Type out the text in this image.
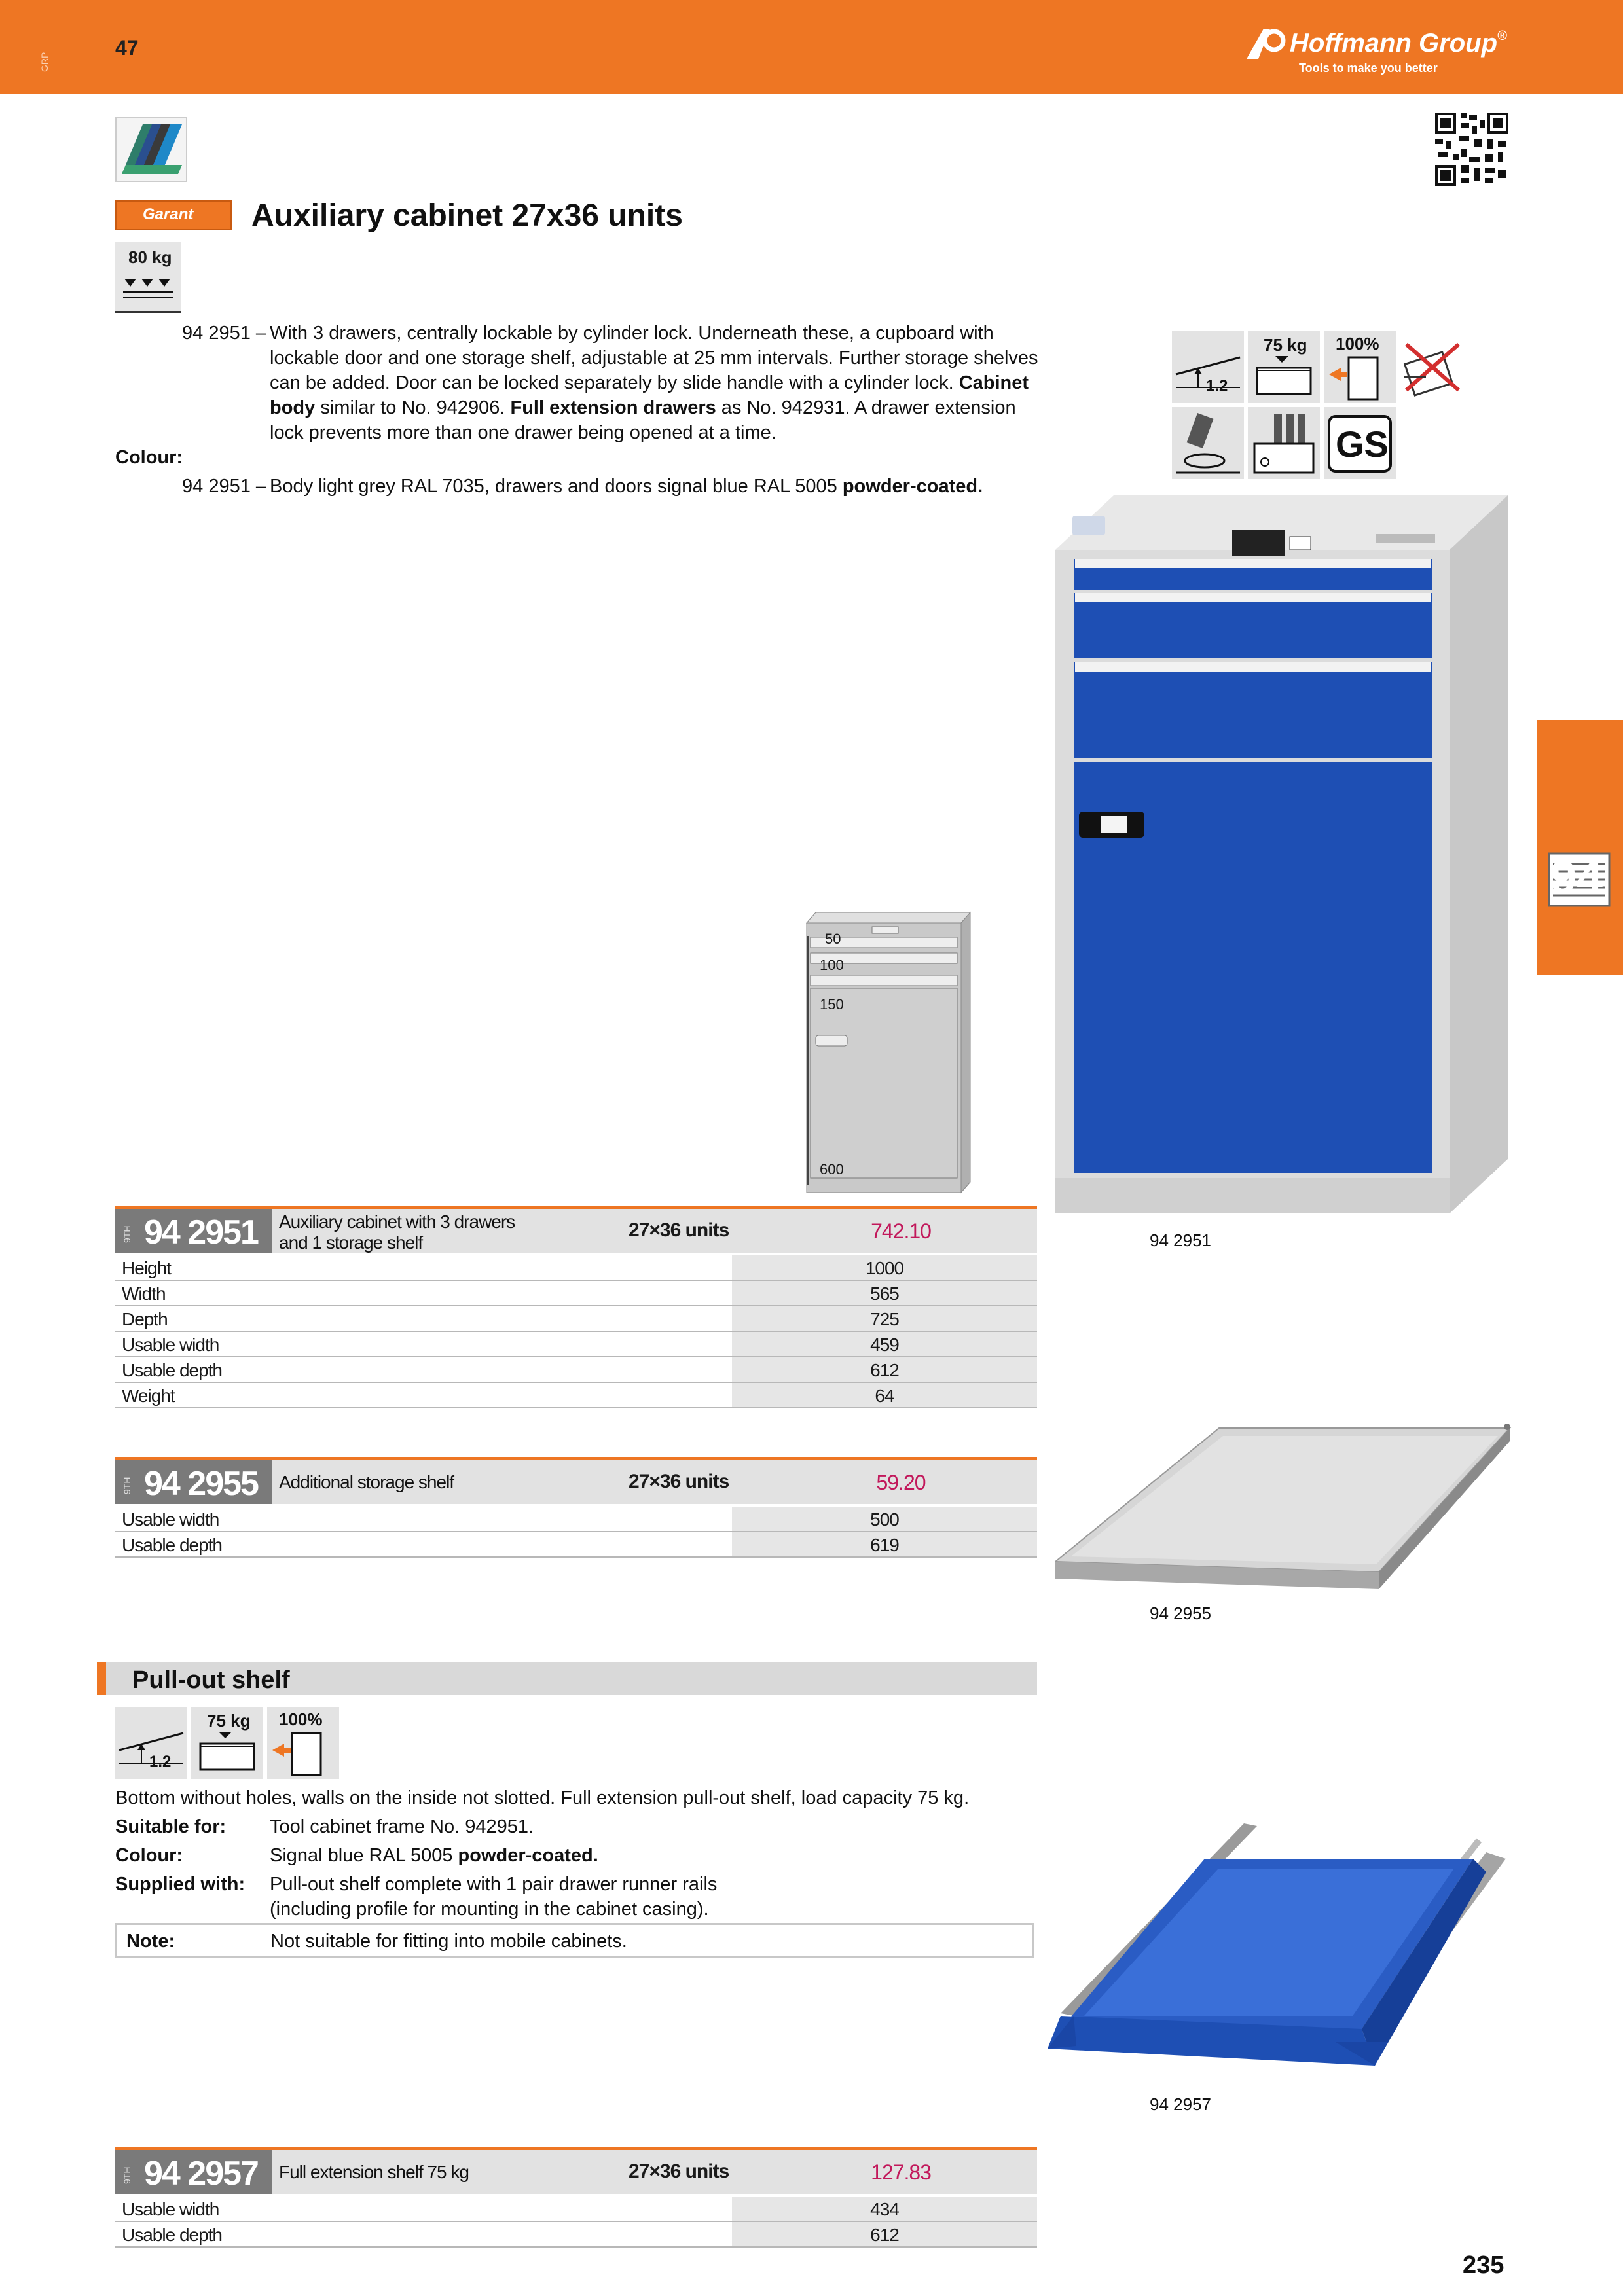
GRP
47	Hoffmann Group®
Tools to make you better
Garant	Auxiliary cabinet 27x36 units
80 kg
94 2951 – With 3 drawers, centrally lockable by cylinder lock. Underneath these, a cupboard with lockable door and one storage shelf, adjustable at 25 mm intervals. Further storage shelves can be added. Door can be locked separately by slide handle with a cylinder lock. Cabinet body similar to No. 942906. Full extension drawers as No. 942931. A drawer extension lock prevents more than one drawer being opened at a time.
Colour:
94 2951 – Body light grey RAL 7035, drawers and doors signal blue RAL 5005 powder-coated.
1.2
75 kg 100%
GS
50
100
150
600
94 2951
94
9TH 94 2951 Auxiliary cabinet with 3 drawers
and 1 storage shelf
27×36 units	742.10
Height	1000
Width	565
Depth	725
Usable width	459
Usable depth	612
Weight	64
94 2955
9TH 94 2955 Additional storage shelf	27×36 units	59.20
Usable width	500
Usable depth	619
Pull-out shelf
1.2
75 kg 100%
Bottom without holes, walls on the inside not slotted. Full extension pull-out shelf, load capacity 75 kg.
Suitable for: Tool cabinet frame No. 942951.
Colour:	Signal blue RAL 5005 powder-coated.
Supplied with: Pull-out shelf complete with 1 pair drawer runner rails
(including profile for mounting in the cabinet casing).
Note:	Not suitable for fitting into mobile cabinets.
94 2957
9TH 94 2957 Full extension shelf 75 kg	27×36 units	127.83
Usable width	434
Usable depth	612
235
